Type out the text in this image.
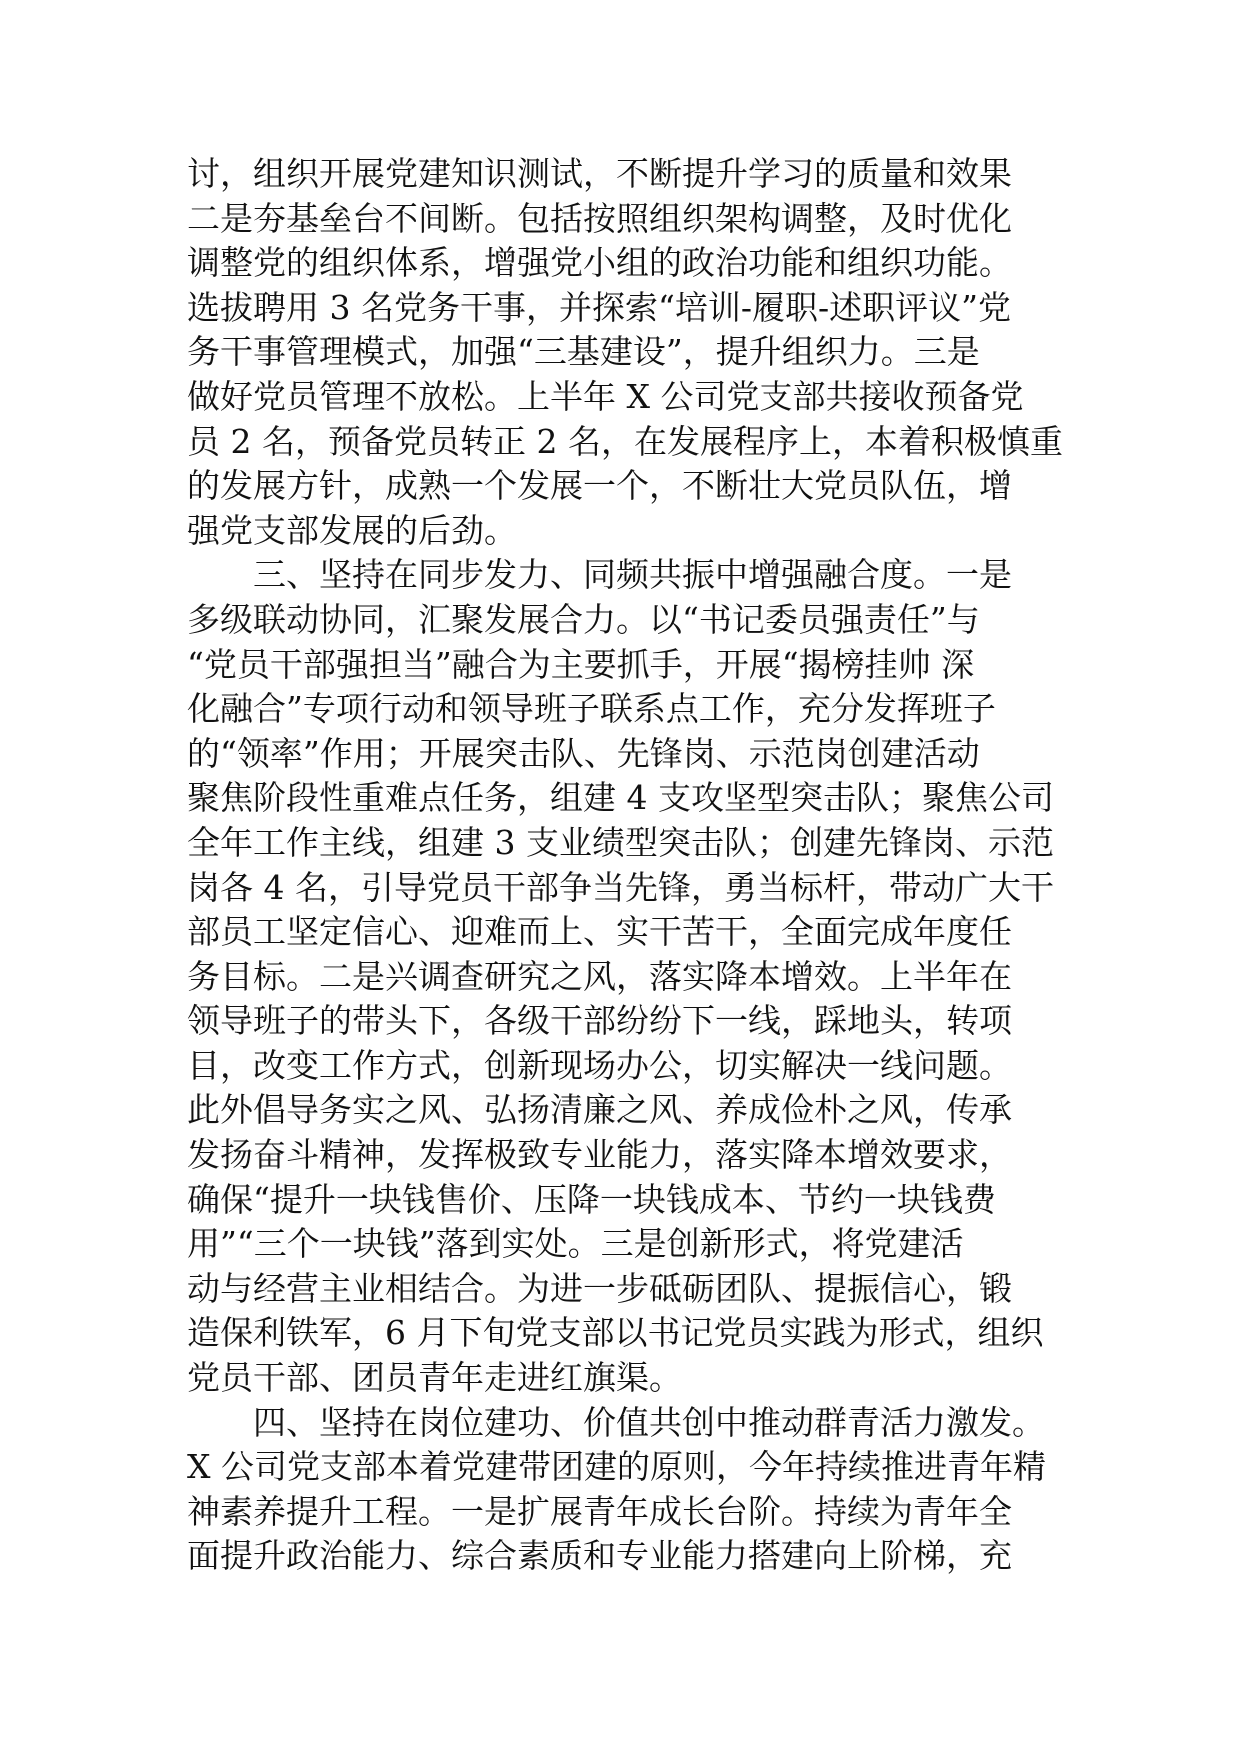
讨，组织开展党建知识测试，不断提升学习的质量和效果
二是夯基垒台不间断。包括按照组织架构调整，及时优化
调整党的组织体系，增强党小组的政治功能和组织功能。
选拔聘用 3 名党务干事，并探索“培训-履职-述职评议”党
务干事管理模式，加强“三基建设”，提升组织力。三是
做好党员管理不放松。上半年 X 公司党支部共接收预备党
员 2 名，预备党员转正 2 名，在发展程序上，本着积极慎重
的发展方针，成熟一个发展一个，不断壮大党员队伍，增
强党支部发展的后劲。
三、坚持在同步发力、同频共振中增强融合度。一是
多级联动协同，汇聚发展合力。以“书记委员强责任”与
“党员干部强担当”融合为主要抓手，开展“揭榜挂帅 深
化融合”专项行动和领导班子联系点工作，充分发挥班子
的“领率”作用；开展突击队、先锋岗、示范岗创建活动
聚焦阶段性重难点任务，组建 4 支攻坚型突击队；聚焦公司
全年工作主线，组建 3 支业绩型突击队；创建先锋岗、示范
岗各 4 名，引导党员干部争当先锋，勇当标杆，带动广大干
部员工坚定信心、迎难而上、实干苦干，全面完成年度任
务目标。二是兴调查研究之风，落实降本增效。上半年在
领导班子的带头下，各级干部纷纷下一线，踩地头，转项
目，改变工作方式，创新现场办公，切实解决一线问题。
此外倡导务实之风、弘扬清廉之风、养成俭朴之风，传承
发扬奋斗精神，发挥极致专业能力，落实降本增效要求，
确保“提升一块钱售价、压降一块钱成本、节约一块钱费
用”“三个一块钱”落到实处。三是创新形式，将党建活
动与经营主业相结合。为进一步砥砺团队、提振信心，锻
造保利铁军，6 月下旬党支部以书记党员实践为形式，组织
党员干部、团员青年走进红旗渠。
四、坚持在岗位建功、价值共创中推动群青活力激发。
X 公司党支部本着党建带团建的原则，今年持续推进青年精
神素养提升工程。一是扩展青年成长台阶。持续为青年全
面提升政治能力、综合素质和专业能力搭建向上阶梯，充
